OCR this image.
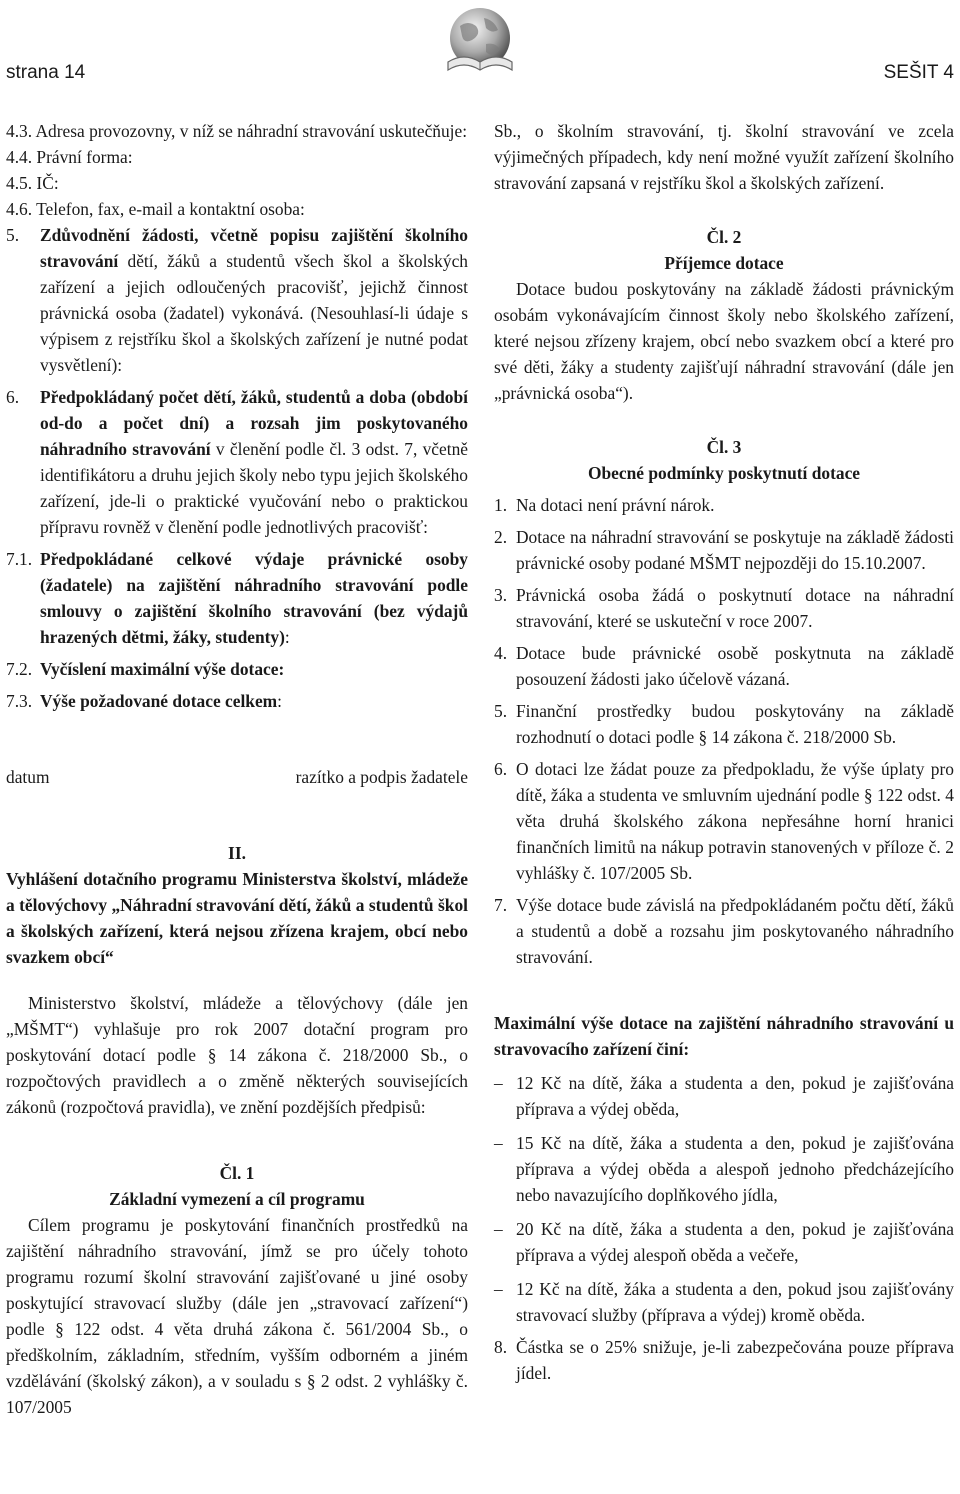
strana 14	SEŠIT 4

4.3. Adresa provozovny, v níž se náhradní stravování uskutečňuje:

4.4. Právní forma:

4.5. IČ:

4.6. Telefon, fax, e-mail a kontaktní osoba:

5.	Zdůvodnění žádosti, včetně popisu zajištění školního stravování dětí, žáků a studentů všech škol a školských zařízení a jejich odloučených pracovišť, jejichž činnost právnická osoba (žadatel) vykonává. (Nesouhlasí-li údaje s výpisem z rejstříku škol a školských zařízení je nutné podat vysvětlení):

6.	Předpokládaný počet dětí, žáků, studentů a doba (období od-do a počet dní) a rozsah jim poskytovaného náhradního stravování v členění podle čl. 3 odst. 7, včetně identifikátoru a druhu jejich školy nebo typu jejich školského zařízení, jde-li o praktické vyučování nebo o praktickou přípravu rovněž v členění podle jednotlivých pracovišť:

7.1. Předpokládané celkové výdaje právnické osoby (žadatele) na zajištění náhradního stravování podle smlouvy o zajištění školního stravování (bez výdajů hrazených dětmi, žáky, studenty):

7.2. Vyčíslení maximální výše dotace:

7.3. Výše požadované dotace celkem:

datum	razítko a podpis žadatele

II.

Vyhlášení dotačního programu Ministerstva školství, mládeže a tělovýchovy „Náhradní stravování dětí, žáků a studentů škol a školských zařízení, která nejsou zřízena krajem, obcí nebo svazkem obcí“

Ministerstvo školství, mládeže a tělovýchovy (dále jen „MŠMT“) vyhlašuje pro rok 2007 dotační program pro poskytování dotací podle § 14 zákona č. 218/2000 Sb., o rozpočtových pravidlech a o změně některých souvisejících zákonů (rozpočtová pravidla), ve znění pozdějších předpisů:

Čl. 1

Základní vymezení a cíl programu

Cílem programu je poskytování finančních prostředků na zajištění náhradního stravování, jímž se pro účely tohoto programu rozumí školní stravování zajišťované u jiné osoby poskytující stravovací služby (dále jen „stravovací zařízení“) podle § 122 odst. 4 věta druhá zákona č. 561/2004 Sb., o předškolním, základním, středním, vyšším odborném a jiném vzdělávání (školský zákon), a v souladu s § 2 odst. 2 vyhlášky č. 107/2005

Sb., o školním stravování, tj. školní stravování ve zcela výjimečných případech, kdy není možné využít zařízení školního stravování zapsaná v rejstříku škol a školských zařízení.

Čl. 2

Příjemce dotace

Dotace budou poskytovány na základě žádosti právnickým osobám vykonávajícím činnost školy nebo školského zařízení, které nejsou zřízeny krajem, obcí nebo svazkem obcí a které pro své děti, žáky a studenty zajišťují náhradní stravování (dále jen „právnická osoba“).

Čl. 3

Obecné podmínky poskytnutí dotace

1. Na dotaci není právní nárok.
2. Dotace na náhradní stravování se poskytuje na základě žádosti právnické osoby podané MŠMT nejpozději do 15.10.2007.
3. Právnická osoba žádá o poskytnutí dotace na náhradní stravování, které se uskuteční v roce 2007.
4. Dotace bude právnické osobě poskytnuta na základě posouzení žádosti jako účelově vázaná.
5. Finanční prostředky budou poskytovány na základě rozhodnutí o dotaci podle § 14 zákona č. 218/2000 Sb.
6. O dotaci lze žádat pouze za předpokladu, že výše úplaty pro dítě, žáka a studenta ve smluvním ujednání podle § 122 odst. 4 věta druhá školského zákona nepřesáhne horní hranici finančních limitů na nákup potravin stanovených v příloze č. 2 vyhlášky č. 107/2005 Sb.
7. Výše dotace bude závislá na předpokládaném počtu dětí, žáků a studentů a době a rozsahu jim poskytovaného náhradního stravování.

Maximální výše dotace na zajištění náhradního stravování u stravovacího zařízení činí:

– 12 Kč na dítě, žáka a studenta a den, pokud je zajišťována příprava a výdej oběda,
– 15 Kč na dítě, žáka a studenta a den, pokud je zajišťována příprava a výdej oběda a alespoň jednoho předcházejícího nebo navazujícího doplňkového jídla,
– 20 Kč na dítě, žáka a studenta a den, pokud je zajišťována příprava a výdej alespoň oběda a večeře,
– 12 Kč na dítě, žáka a studenta a den, pokud jsou zajišťovány stravovací služby (příprava a výdej) kromě oběda.
8. Částka se o 25% snižuje, je-li zabezpečována pouze příprava jídel.
